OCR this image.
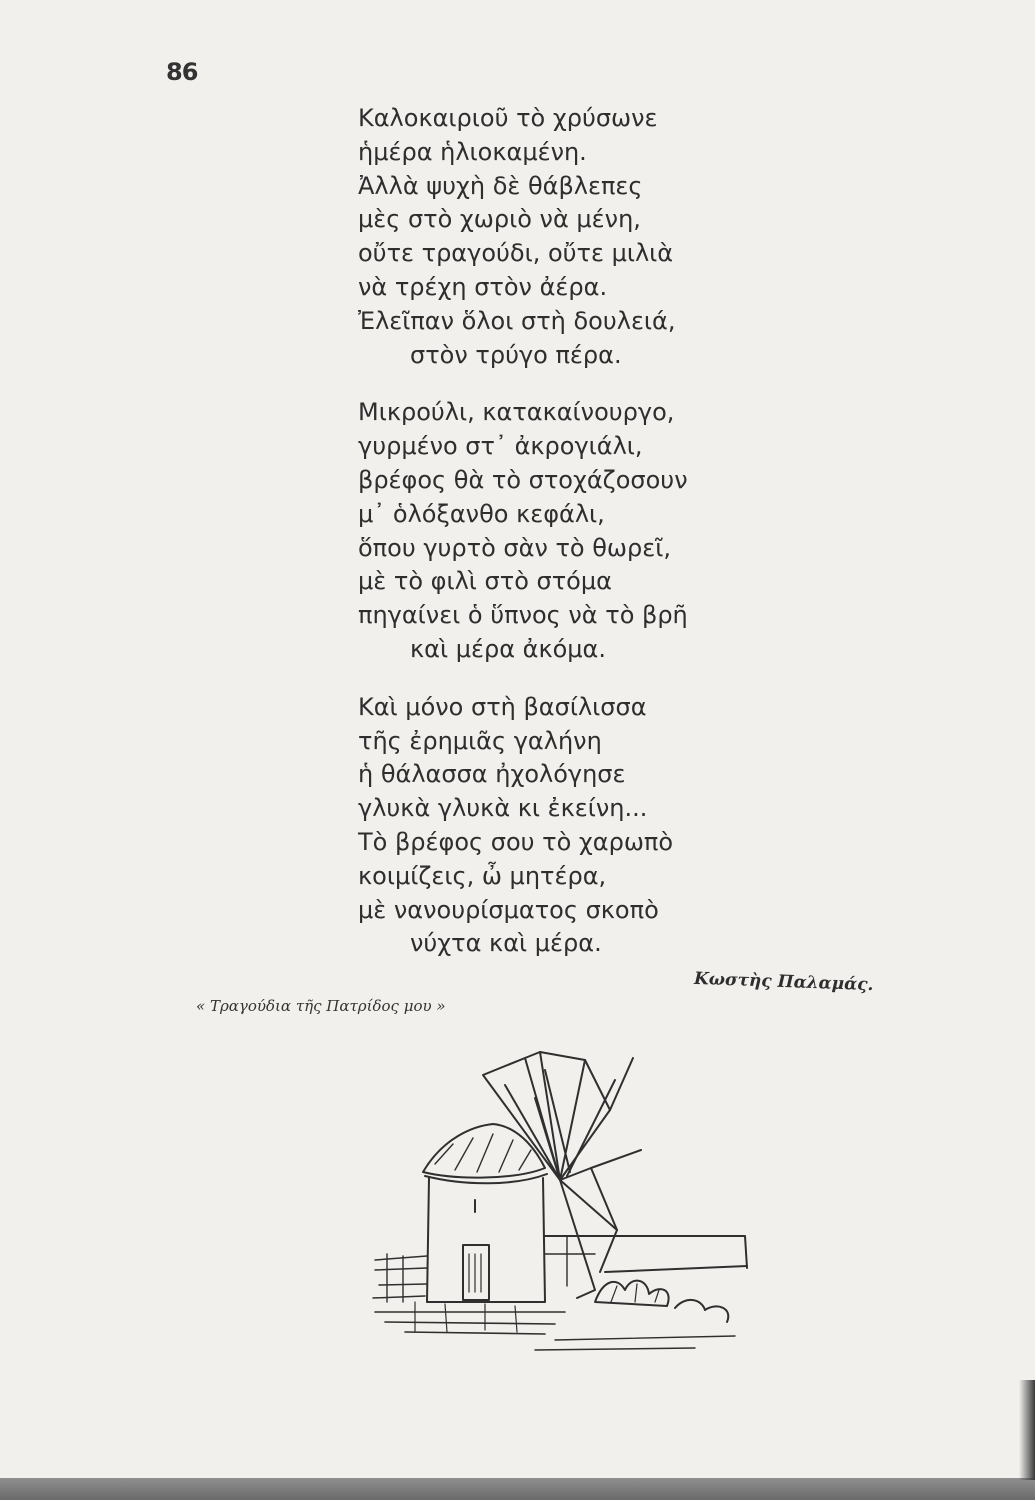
86
Καλοκαιριοῦ τὸ χρύσωνε
ἡμέρα ἡλιοκαμένη.
Ἀλλὰ ψυχὴ δὲ θάβλεπες
μὲς στὸ χωριὸ νὰ μένη,
οὔτε τραγούδι, οὔτε μιλιὰ
νὰ τρέχη στὸν ἀέρα.
Ἐλεῖπαν ὅλοι στὴ δουλειά,
στὸν τρύγο πέρα.
Μικρούλι, κατακαίνουργο,
γυρμένο στ᾽ ἀκρογιάλι,
βρέφος θὰ τὸ στοχάζοσουν
μ᾽ ὁλόξανθο κεφάλι,
ὅπου γυρτὸ σὰν τὸ θωρεῖ,
μὲ τὸ φιλὶ στὸ στόμα
πηγαίνει ὁ ὕπνος νὰ τὸ βρῆ
καὶ μέρα ἀκόμα.
Καὶ μόνο στὴ βασίλισσα
τῆς ἐρημιᾶς γαλήνη
ἡ θάλασσα ἠχολόγησε
γλυκὰ γλυκὰ κι ἐκείνη...
Τὸ βρέφος σου τὸ χαρωπὸ
κοιμίζεις, ὦ μητέρα,
μὲ νανουρίσματος σκοπὸ
νύχτα καὶ μέρα.
Κωστὴς Παλαμάς.
« Τραγούδια τῆς Πατρίδος μου »
